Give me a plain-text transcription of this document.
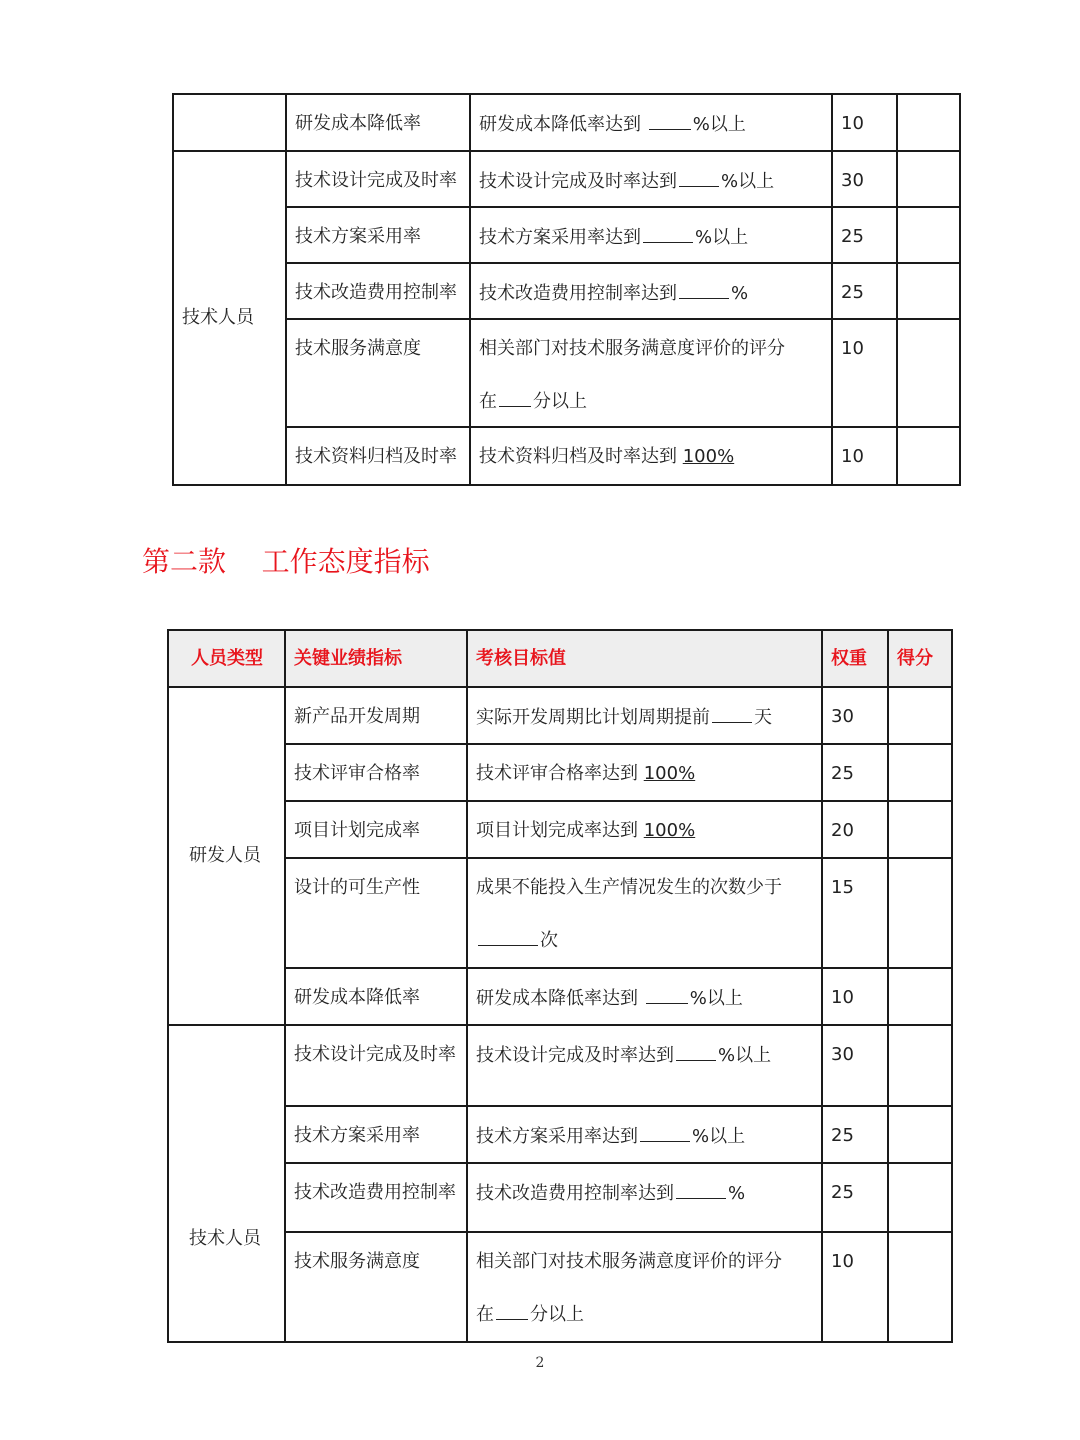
	研发成本降低率	研发成本降低率达到 %以上	10	
技术人员	技术设计完成及时率	技术设计完成及时率达到 %以上	30	
	技术方案采用率	技术方案采用率达到 %以上	25	
	技术改造费用控制率	技术改造费用控制率达到 %	25	
	技术服务满意度	相关部门对技术服务满意度评价的评分
在 分以上	10	
	技术资料归档及时率	技术资料归档及时率达到 100%	10	
第二款    工作态度指标
人员类型	关键业绩指标	考核目标值	权重	得分
研发人员	新产品开发周期	实际开发周期比计划周期提前 天	30	
	技术评审合格率	技术评审合格率达到 100%	25	
	项目计划完成率	项目计划完成率达到 100%	20	
	设计的可生产性	成果不能投入生产情况发生的次数少于
次	15	
	研发成本降低率	研发成本降低率达到 %以上	10	

技术人员	技术设计完成及时率	技术设计完成及时率达到 %以上	30	
	技术方案采用率	技术方案采用率达到 %以上	25	
	技术改造费用控制率	技术改造费用控制率达到 %	25	
	技术服务满意度	相关部门对技术服务满意度评价的评分
在 分以上	10	
2
